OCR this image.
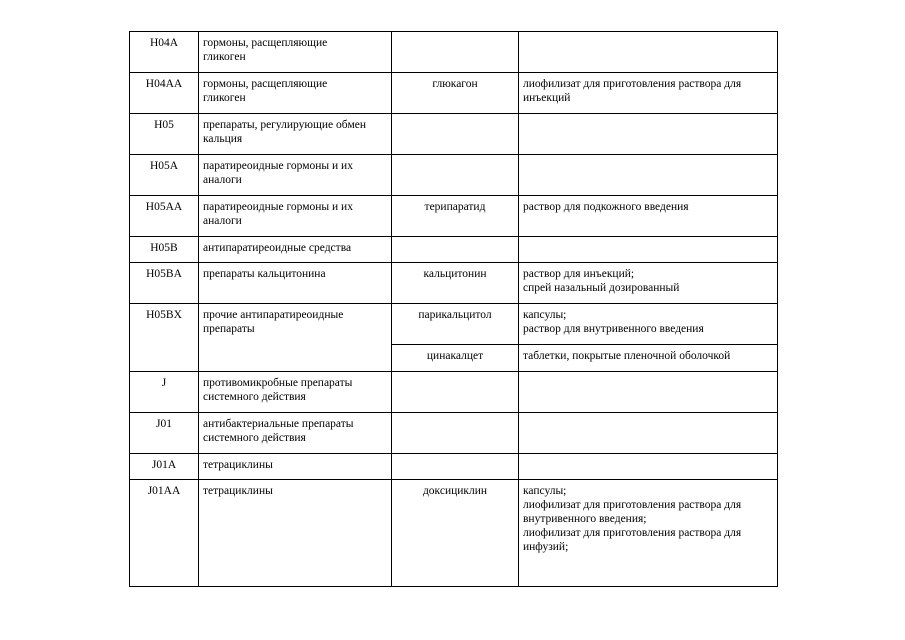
H04A	гормоны, расщепляющие
гликоген		

H04AA	гормоны, расщепляющие
гликоген	глюкагон	лиофилизат для приготовления раствора для
инъекций

H05	препараты, регулирующие обмен
кальция		

H05A	паратиреоидные гормоны и их
аналоги		

H05AA	паратиреоидные гормоны и их
аналоги	терипаратид	раствор для подкожного введения

H05B	антипаратиреоидные средства		

H05BA	препараты кальцитонина	кальцитонин	раствор для инъекций;
спрей назальный дозированный

H05BX	прочие антипаратиреоидные
препараты	парикальцитол	капсулы;
раствор для внутривенного введения

		цинакалцет	таблетки, покрытые пленочной оболочкой

J	противомикробные препараты
системного действия		

J01	антибактериальные препараты
системного действия		

J01A	тетрациклины		

J01AA	тетрациклины	доксициклин	капсулы;
лиофилизат для приготовления раствора для
внутривенного введения;
лиофилизат для приготовления раствора для
инфузий;
